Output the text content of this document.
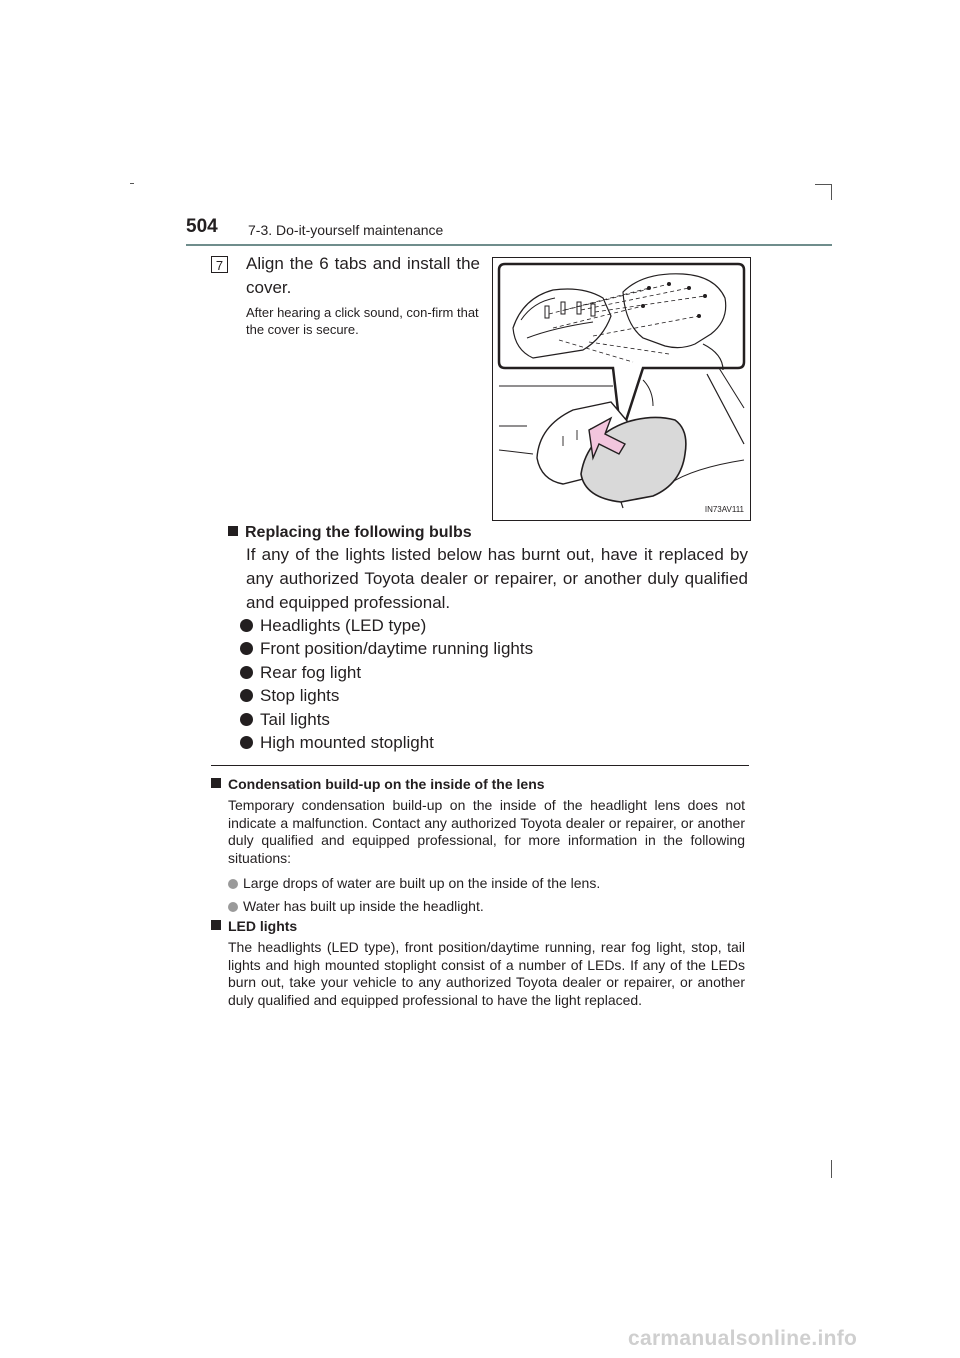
504 7-3. Do-it-yourself maintenance
7 Align the 6 tabs and install the cover.
After hearing a click sound, con-firm that the cover is secure.
IN73AV111
Replacing the following bulbs
If any of the lights listed below has burnt out, have it replaced by any authorized Toyota dealer or repairer, or another duly qualified and equipped professional.
Headlights (LED type)
Front position/daytime running lights
Rear fog light
Stop lights
Tail lights
High mounted stoplight
Condensation build-up on the inside of the lens
Temporary condensation build-up on the inside of the headlight lens does not indicate a malfunction. Contact any authorized Toyota dealer or repairer, or another duly qualified and equipped professional, for more information in the following situations:
Large drops of water are built up on the inside of the lens.
Water has built up inside the headlight.
LED lights
The headlights (LED type), front position/daytime running, rear fog light, stop, tail lights and high mounted stoplight consist of a number of LEDs. If any of the LEDs burn out, take your vehicle to any authorized Toyota dealer or repairer, or another duly qualified and equipped professional to have the light replaced.
carmanualsonline.info
